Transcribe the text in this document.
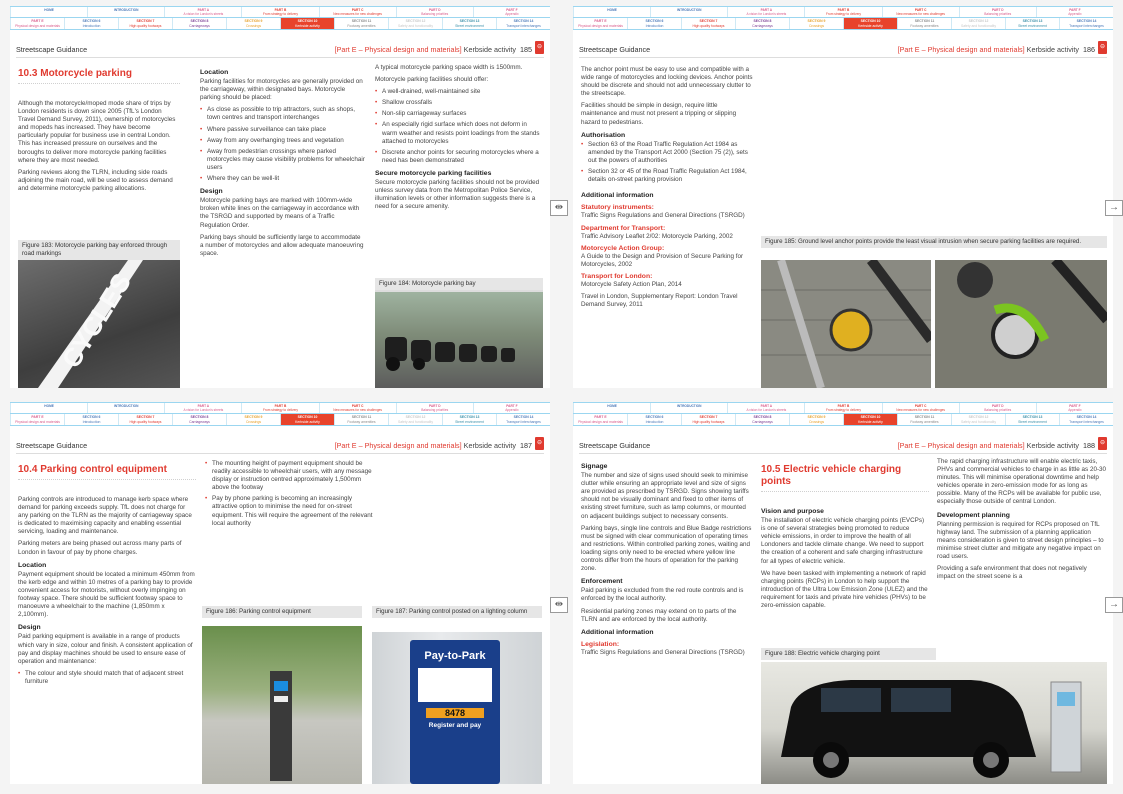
HOME	INTRODUCTION	PART A
A vision for London's streets
PART B
From strategy to delivery
PART C
New measures for new challenges
PART D
Balancing priorities
PART F
Appendix
PART E
Physical design and materials
SECTION 6
Introduction
SECTION 7
High quality footways
SECTION 8
Carriageways
SECTION 9
Crossings
SECTION 10
Kerbside activity
SECTION 11
Footway amenities
SECTION 12
Safety and functionality
SECTION 13
Street environment
SECTION 14
Transport interchanges
Streetscape Guidance	[Part E – Physical design and materials] Kerbside activity 185 ⊖
10.3 Motorcycle parking

Although the motorcycle/moped mode share of trips by London residents is down since 2005 (TfL's London Travel Demand Survey, 2011), ownership of motorcycles and mopeds has increased. They have become particularly popular for business use in central London. This has increased pressure on ourselves and the boroughs to deliver more motorcycle parking facilities where they are most needed.

Parking reviews along the TLRN, including side roads adjoining the main road, will be used to assess demand and determine motorcycle parking allocations.

Figure 183: Motorcycle parking bay enforced through road markings
CYCLES
Location

Parking facilities for motorcycles are generally provided on the carriageway, within designated bays. Motorcycle parking should be placed:

• As close as possible to trip attractors, such as shops, town centres and transport interchanges
• Where passive surveillance can take place
• Away from any overhanging trees and vegetation
• Away from pedestrian crossings where parked motorcycles may cause visibility problems for wheelchair users
• Where they can be well-lit
Design

Motorcycle parking bays are marked with 100mm-wide broken white lines on the carriageway in accordance with the TSRGD and supported by means of a Traffic Regulation Order.

Parking bays should be sufficiently large to accommodate a number of motorcycles and allow adequate manoeuvring space.

A typical motorcycle parking space width is 1500mm.

Motorcycle parking facilities should offer:

• A well-drained, well-maintained site
• Shallow crossfalls
• Non-slip carriageway surfaces
• An especially rigid surface which does not deform in warm weather and resists point loadings from the stands attached to motorcycles
• Discrete anchor points for securing motorcycles where a need has been demonstrated
Secure motorcycle parking facilities

Secure motorcycle parking facilities should not be provided unless survey data from the Metropolitan Police Service, illumination levels or other information suggests there is a need for a secure amenity.

Figure 184: Motorcycle parking bay
HOME	INTRODUCTION	PART A
A vision for London's streets
PART B
From strategy to delivery
PART C
New measures for new challenges
PART D
Balancing priorities
PART F
Appendix
PART E
Physical design and materials
SECTION 6
Introduction
SECTION 7
High quality footways
SECTION 8
Carriageways
SECTION 9
Crossings
SECTION 10
Kerbside activity
SECTION 11
Footway amenities
SECTION 12
Safety and functionality
SECTION 13
Street environment
SECTION 14
Transport interchanges
Streetscape Guidance	[Part E – Physical design and materials] Kerbside activity 186 ⊖

The anchor point must be easy to use and compatible with a wide range of motorcycles and locking devices. Anchor points should be discrete and should not add unnecessary clutter to the streetscape.

Facilities should be simple in design, require little maintenance and must not present a tripping or slipping hazard to pedestrians.

Authorisation
• Section 63 of the Road Traffic Regulation Act 1984 as amended by the Transport Act 2000 (Section 75 (2)), sets out the powers of authorities
• Section 32 or 45 of the Road Traffic Regulation Act 1984, details on-street parking provision
Additional information
Statutory instruments:

Traffic Signs Regulations and General Directions (TSRGD)

Department for Transport:

Traffic Advisory Leaflet 2/02: Motorcycle Parking, 2002

Motorcycle Action Group:

A Guide to the Design and Provision of Secure Parking for Motorcycles, 2002

Transport for London:

Motorcycle Safety Action Plan, 2014

Travel in London, Supplementary Report: London Travel Demand Survey, 2011

Figure 185: Ground level anchor points provide the least visual intrusion when secure parking facilities are required.
HOME	INTRODUCTION	PART A
A vision for London's streets
PART B
From strategy to delivery
PART C
New measures for new challenges
PART D
Balancing priorities
PART F
Appendix
PART E
Physical design and materials
SECTION 6
Introduction
SECTION 7
High quality footways
SECTION 8
Carriageways
SECTION 9
Crossings
SECTION 10
Kerbside activity
SECTION 11
Footway amenities
SECTION 12
Safety and functionality
SECTION 13
Street environment
SECTION 14
Transport interchanges
Streetscape Guidance	[Part E – Physical design and materials] Kerbside activity 187 ⊖
10.4 Parking control equipment

Parking controls are introduced to manage kerb space where demand for parking exceeds supply. TfL does not charge for any parking on the TLRN as the majority of carriageway space is dedicated to maximising capacity and enabling essential servicing, loading and maintenance.

Parking meters are being phased out across many parts of London in favour of pay by phone charges.

Location

Payment equipment should be located a minimum 450mm from the kerb edge and within 10 metres of a parking bay to provide convenient access for motorists, without overly impinging on footway space. There should be sufficient footway space to manoeuvre a wheelchair to the machine (1,850mm x 2,100mm).

Design

Paid parking equipment is available in a range of products which vary in size, colour and finish. A consistent application of pay and display machines should be used to ensure ease of operation and maintenance:

• The colour and style should match that of adjacent street furniture
• The mounting height of payment equipment should be readily accessible to wheelchair users, with any message display or instruction centred approximately 1,500mm above the footway
• Pay by phone parking is becoming an increasingly attractive option to minimise the need for on-street equipment. This will require the agreement of the relevant local authority
Figure 186: Parking control equipment	Figure 187: Parking control posted on a lighting column
Pay-to-Park
8478
Register and pay
HOME	INTRODUCTION	PART A
A vision for London's streets
PART B
From strategy to delivery
PART C
New measures for new challenges
PART D
Balancing priorities
PART F
Appendix
PART E
Physical design and materials
SECTION 6
Introduction
SECTION 7
High quality footways
SECTION 8
Carriageways
SECTION 9
Crossings
SECTION 10
Kerbside activity
SECTION 11
Footway amenities
SECTION 12
Safety and functionality
SECTION 13
Street environment
SECTION 14
Transport interchanges
Streetscape Guidance	[Part E – Physical design and materials] Kerbside activity 188 ⊖
Signage

The number and size of signs used should seek to minimise clutter while ensuring an appropriate level and size of signs are provided as prescribed by TSRGD. Signs showing tariffs should not be visually dominant and fixed to other items of existing street furniture, such as lamp columns, or mounted on adjacent buildings subject to necessary consents.

Parking bays, single line controls and Blue Badge restrictions must be signed with clear communication of operating times and restrictions. Within controlled parking zones, waiting and loading signs only need to be erected where yellow line controls differ from the hours of operation for the parking zone.

Enforcement

Paid parking is excluded from the red route controls and is enforced by the local authority.

Residential parking zones may extend on to parts of the TLRN and are enforced by the local authority.

Additional information
Legislation:

Traffic Signs Regulations and General Directions (TSRGD)

10.5 Electric vehicle charging points
Vision and purpose

The installation of electric vehicle charging points (EVCPs) is one of several strategies being promoted to reduce vehicle emissions, in order to improve the health of all Londoners and tackle climate change. We need to support the creation of a coherent and safe charging infrastructure for all types of electric vehicle.

We have been tasked with implementing a network of rapid charging points (RCPs) in London to help support the introduction of the Ultra Low Emission Zone (ULEZ) and the requirement for taxis and private hire vehicles (PHVs) to be zero-emission capable.

The rapid charging infrastructure will enable electric taxis, PHVs and commercial vehicles to charge in as little as 20-30 minutes. This will minimise operational downtime and help vehicles operate in zero-emission mode for as long as possible. Many of the RCPs will be available for public use, especially those outside of central London.

Development planning

Planning permission is required for RCPs proposed on TfL highway land. The submission of a planning application means consideration is given to street design principles – to minimise street clutter and mitigate any negative impact on road users.

Providing a safe environment that does not negatively impact on the street scene is a

Figure 188: Electric vehicle charging point
⇹
⇹
→
→
